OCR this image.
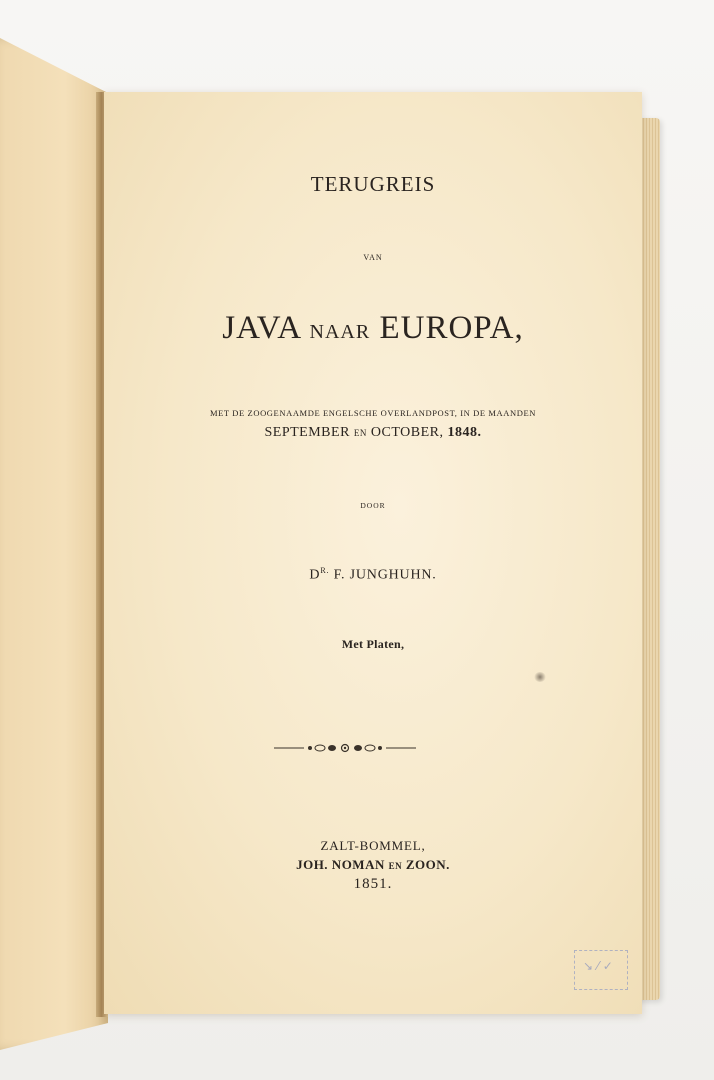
TERUGREIS
VAN
JAVA NAAR EUROPA,
MET DE ZOOGENAAMDE ENGELSCHE OVERLANDPOST, IN DE MAANDEN
SEPTEMBER EN OCTOBER, 1848.
DOOR
$D^{R.}$ F. JUNGHUHN.
Met Platen,
ZALT-BOMMEL,
JOH. NOMAN EN ZOON.
1851.
↘ ⁄ ✓
